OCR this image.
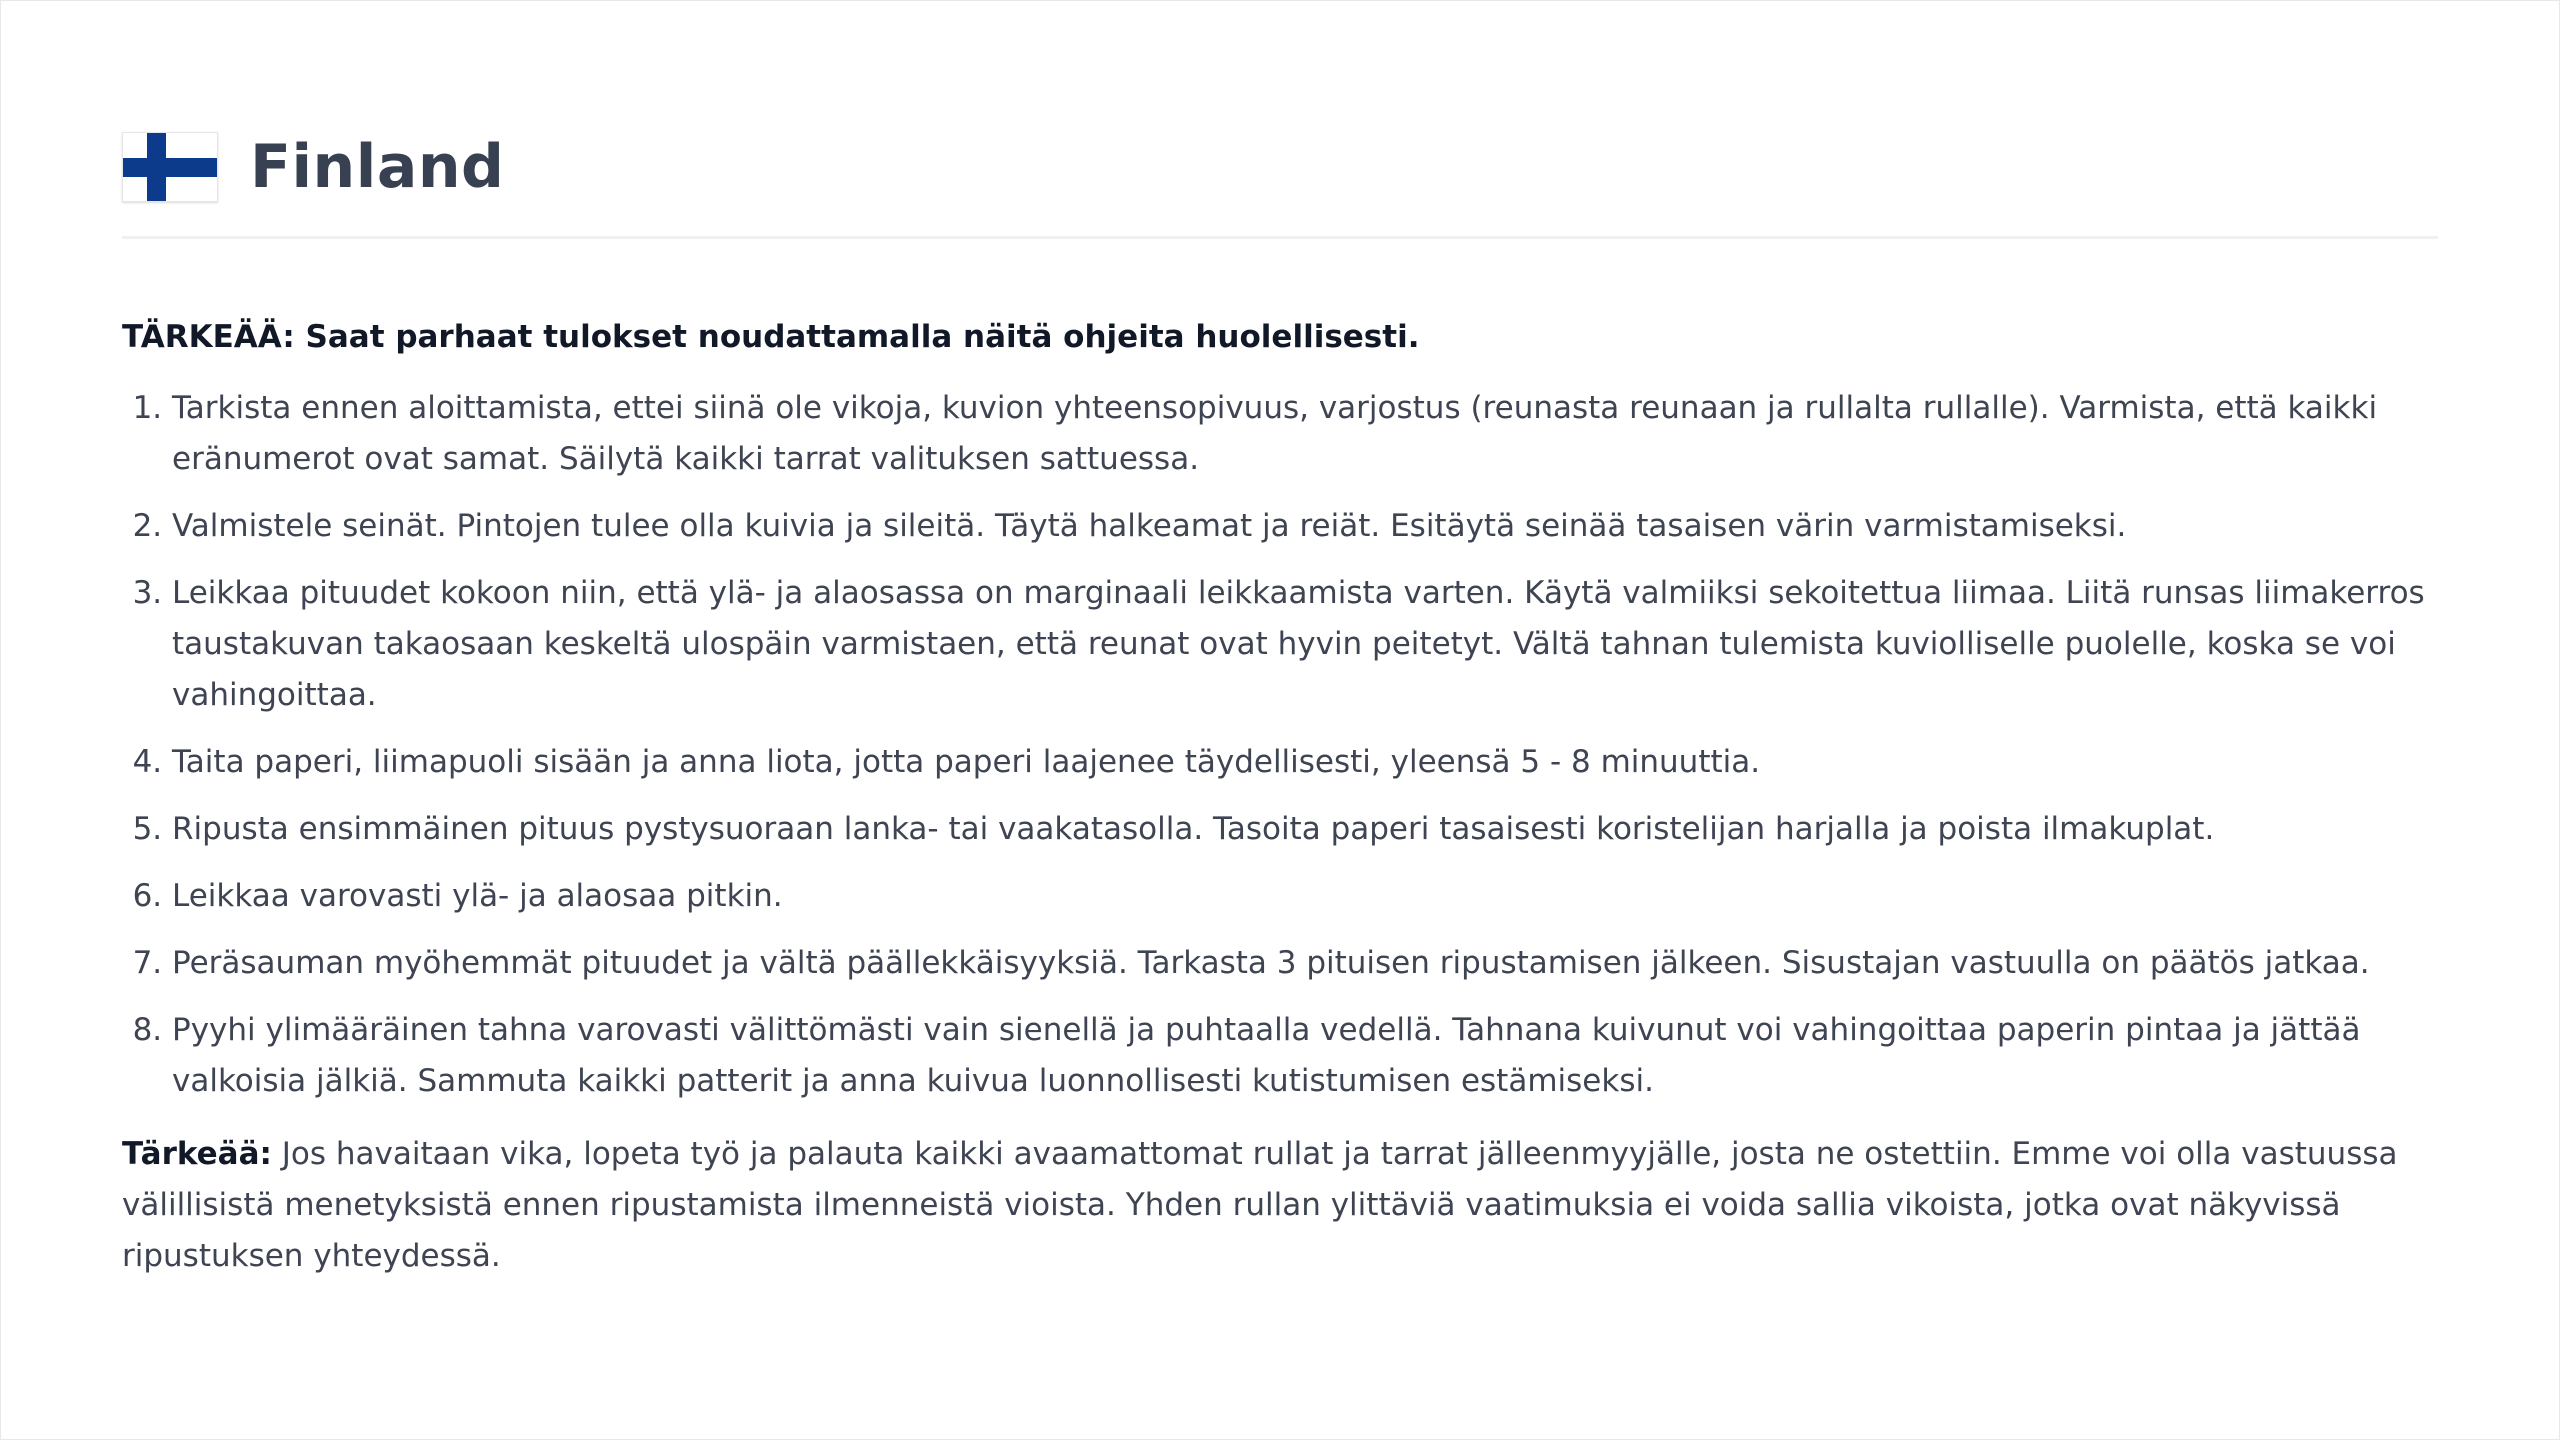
Finland
TÄRKEÄÄ: Saat parhaat tulokset noudattamalla näitä ohjeita huolellisesti.
1. Tarkista ennen aloittamista, ettei siinä ole vikoja, kuvion yhteensopivuus, varjostus (reunasta reunaan ja rullalta rullalle). Varmista, että kaikki eränumerot ovat samat. Säilytä kaikki tarrat valituksen sattuessa.
2. Valmistele seinät. Pintojen tulee olla kuivia ja sileitä. Täytä halkeamat ja reiät. Esitäytä seinää tasaisen värin varmistamiseksi.
3. Leikkaa pituudet kokoon niin, että ylä- ja alaosassa on marginaali leikkaamista varten. Käytä valmiiksi sekoitettua liimaa. Liitä runsas liimakerros taustakuvan takaosaan keskeltä ulospäin varmistaen, että reunat ovat hyvin peitetyt. Vältä tahnan tulemista kuviolliselle puolelle, koska se voi vahingoittaa.
4. Taita paperi, liimapuoli sisään ja anna liota, jotta paperi laajenee täydellisesti, yleensä 5 - 8 minuuttia.
5. Ripusta ensimmäinen pituus pystysuoraan lanka- tai vaakatasolla. Tasoita paperi tasaisesti koristelijan harjalla ja poista ilmakuplat.
6. Leikkaa varovasti ylä- ja alaosaa pitkin.
7. Peräsauman myöhemmät pituudet ja vältä päällekkäisyyksiä. Tarkasta 3 pituisen ripustamisen jälkeen. Sisustajan vastuulla on päätös jatkaa.
8. Pyyhi ylimääräinen tahna varovasti välittömästi vain sienellä ja puhtaalla vedellä. Tahnana kuivunut voi vahingoittaa paperin pintaa ja jättää valkoisia jälkiä. Sammuta kaikki patterit ja anna kuivua luonnollisesti kutistumisen estämiseksi.
Tärkeää: Jos havaitaan vika, lopeta työ ja palauta kaikki avaamattomat rullat ja tarrat jälleenmyyjälle, josta ne ostettiin. Emme voi olla vastuussa välillisistä menetyksistä ennen ripustamista ilmenneistä vioista. Yhden rullan ylittäviä vaatimuksia ei voida sallia vikoista, jotka ovat näkyvissä ripustuksen yhteydessä.
